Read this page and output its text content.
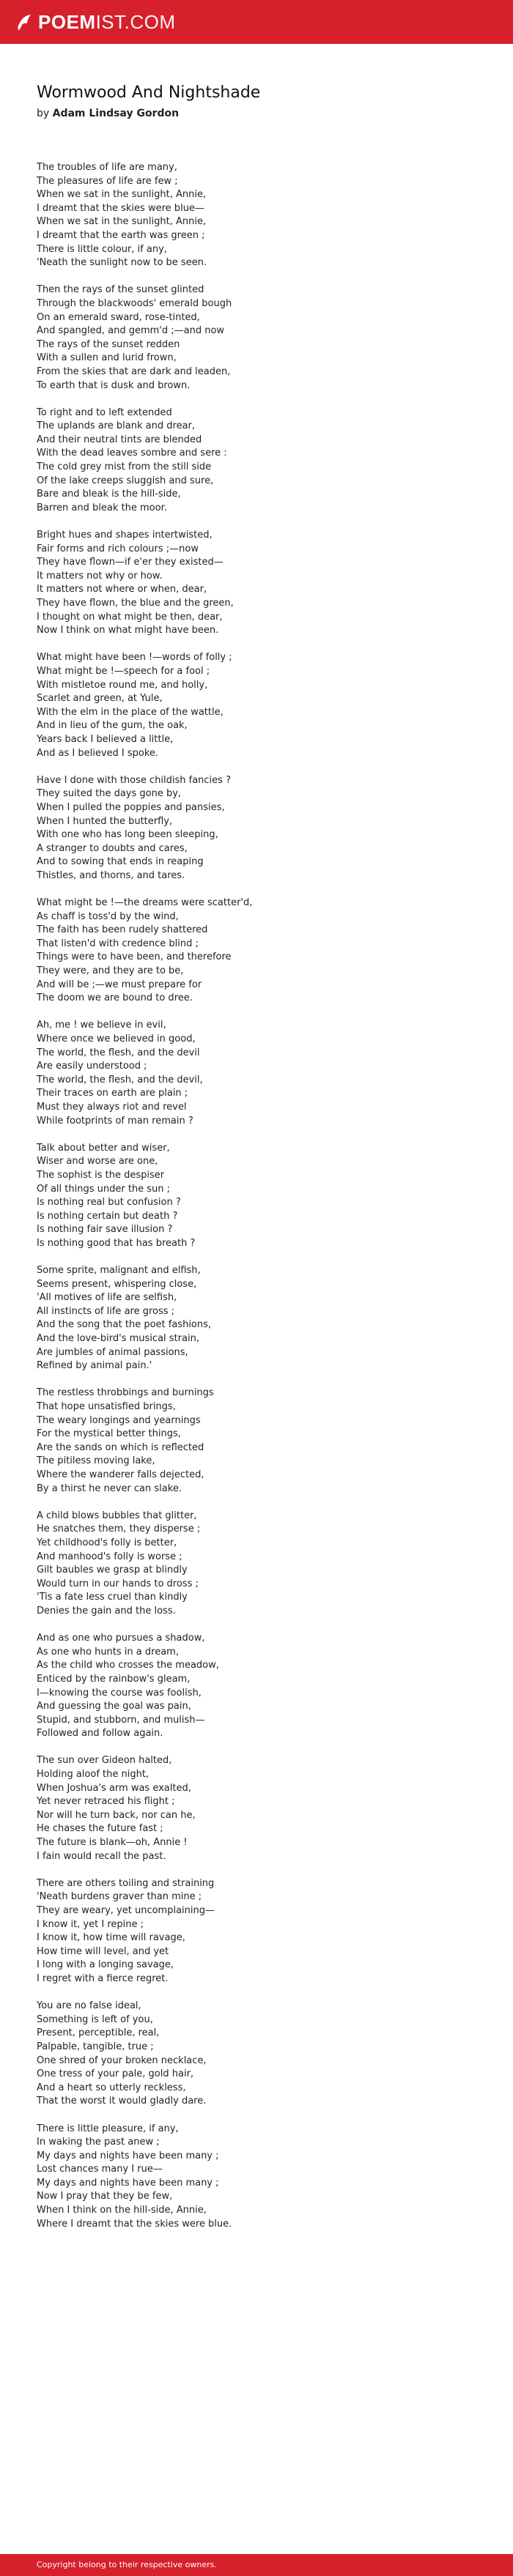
POEMIST.COM
Wormwood And Nightshade
by Adam Lindsay Gordon
The troubles of life are many,
The pleasures of life are few ;
When we sat in the sunlight, Annie,
I dreamt that the skies were blue—
When we sat in the sunlight, Annie,
I dreamt that the earth was green ;
There is little colour, if any,
'Neath the sunlight now to be seen.
Then the rays of the sunset glinted
Through the blackwoods' emerald bough
On an emerald sward, rose-tinted,
And spangled, and gemm'd ;—and now
The rays of the sunset redden
With a sullen and lurid frown,
From the skies that are dark and leaden,
To earth that is dusk and brown.
To right and to left extended
The uplands are blank and drear,
And their neutral tints are blended
With the dead leaves sombre and sere :
The cold grey mist from the still side
Of the lake creeps sluggish and sure,
Bare and bleak is the hill-side,
Barren and bleak the moor.
Bright hues and shapes intertwisted,
Fair forms and rich colours ;—now
They have flown—if e'er they existed—
It matters not why or how.
It matters not where or when, dear,
They have flown, the blue and the green,
I thought on what might be then, dear,
Now I think on what might have been.
What might have been !—words of folly ;
What might be !—speech for a fool ;
With mistletoe round me, and holly,
Scarlet and green, at Yule,
With the elm in the place of the wattle,
And in lieu of the gum, the oak,
Years back I believed a little,
And as I believed I spoke.
Have I done with those childish fancies ?
They suited the days gone by,
When I pulled the poppies and pansies,
When I hunted the butterfly,
With one who has long been sleeping,
A stranger to doubts and cares,
And to sowing that ends in reaping
Thistles, and thorns, and tares.
What might be !—the dreams were scatter'd,
As chaff is toss'd by the wind,
The faith has been rudely shattered
That listen'd with credence blind ;
Things were to have been, and therefore
They were, and they are to be,
And will be ;—we must prepare for
The doom we are bound to dree.
Ah, me ! we believe in evil,
Where once we believed in good,
The world, the flesh, and the devil
Are easily understood ;
The world, the flesh, and the devil,
Their traces on earth are plain ;
Must they always riot and revel
While footprints of man remain ?
Talk about better and wiser,
Wiser and worse are one,
The sophist is the despiser
Of all things under the sun ;
Is nothing real but confusion ?
Is nothing certain but death ?
Is nothing fair save illusion ?
Is nothing good that has breath ?
Some sprite, malignant and elfish,
Seems present, whispering close,
'All motives of life are selfish,
All instincts of life are gross ;
And the song that the poet fashions,
And the love-bird's musical strain,
Are jumbles of animal passions,
Refined by animal pain.'
The restless throbbings and burnings
That hope unsatisfied brings,
The weary longings and yearnings
For the mystical better things,
Are the sands on which is reflected
The pitiless moving lake,
Where the wanderer falls dejected,
By a thirst he never can slake.
A child blows bubbles that glitter,
He snatches them, they disperse ;
Yet childhood's folly is better,
And manhood's folly is worse ;
Gilt baubles we grasp at blindly
Would turn in our hands to dross ;
'Tis a fate less cruel than kindly
Denies the gain and the loss.
And as one who pursues a shadow,
As one who hunts in a dream,
As the child who crosses the meadow,
Enticed by the rainbow's gleam,
I—knowing the course was foolish,
And guessing the goal was pain,
Stupid, and stubborn, and mulish—
Followed and follow again.
The sun over Gideon halted,
Holding aloof the night,
When Joshua's arm was exalted,
Yet never retraced his flight ;
Nor will he turn back, nor can he,
He chases the future fast ;
The future is blank—oh, Annie !
I fain would recall the past.
There are others toiling and straining
'Neath burdens graver than mine ;
They are weary, yet uncomplaining—
I know it, yet I repine ;
I know it, how time will ravage,
How time will level, and yet
I long with a longing savage,
I regret with a fierce regret.
You are no false ideal,
Something is left of you,
Present, perceptible, real,
Palpable, tangible, true ;
One shred of your broken necklace,
One tress of your pale, gold hair,
And a heart so utterly reckless,
That the worst it would gladly dare.
There is little pleasure, if any,
In waking the past anew ;
My days and nights have been many ;
Lost chances many I rue—
My days and nights have been many ;
Now I pray that they be few,
When I think on the hill-side, Annie,
Where I dreamt that the skies were blue.
Copyright belong to their respective owners.
